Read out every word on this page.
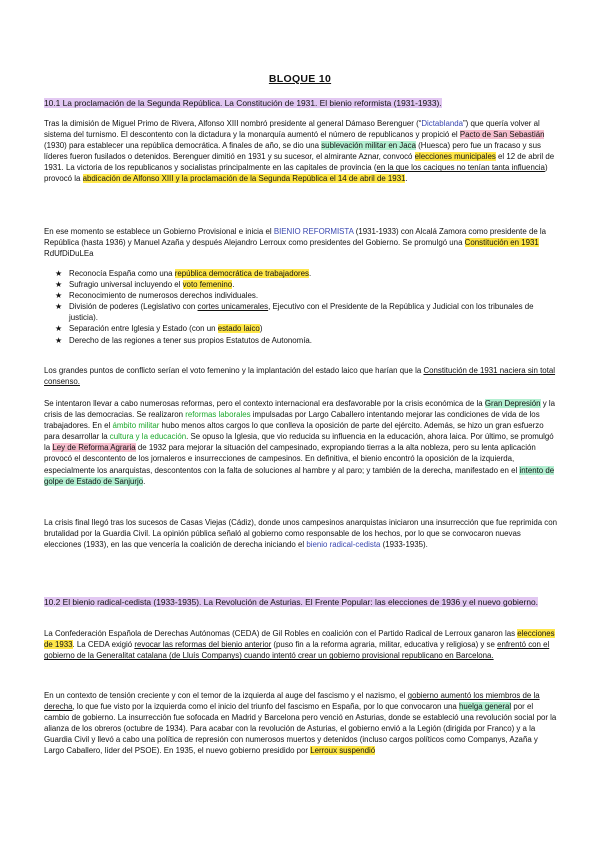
BLOQUE 10
10.1 La proclamación de la Segunda República. La Constitución de 1931. El bienio reformista (1931-1933).
Tras la dimisión de Miguel Primo de Rivera, Alfonso XIII nombró presidente al general Dámaso Berenguer (“Dictablanda”) que quería volver al sistema del turnismo. El descontento con la dictadura y la monarquía aumentó el número de republicanos y propició el Pacto de San Sebastián (1930) para establecer una república democrática. A finales de año, se dio una sublevación militar en Jaca (Huesca) pero fue un fracaso y sus líderes fueron fusilados o detenidos. Berenguer dimitió en 1931 y su sucesor, el almirante Aznar, convocó elecciones municipales el 12 de abril de 1931. La victoria de los republicanos y socialistas principalmente en las capitales de provincia (en la que los caciques no tenían tanta influencia) provocó la abdicación de Alfonso XIII y la proclamación de la Segunda República el 14 de abril de 1931.
En ese momento se establece un Gobierno Provisional e inicia el BIENIO REFORMISTA (1931-1933) con Alcalá Zamora como presidente de la República (hasta 1936) y Manuel Azaña y después Alejandro Lerroux como presidentes del Gobierno. Se promulgó una Constitución en 1931 RdUfDiDuLEa
★ Reconocía España como una república democrática de trabajadores.
★ Sufragio universal incluyendo el voto femenino.
★ Reconocimiento de numerosos derechos individuales.
★ División de poderes (Legislativo con cortes unicamerales, Ejecutivo con el Presidente de la República y Judicial con los tribunales de justicia).
★ Separación entre Iglesia y Estado (con un estado laico)
★ Derecho de las regiones a tener sus propios Estatutos de Autonomía.
Los grandes puntos de conflicto serían el voto femenino y la implantación del estado laico que harían que la Constitución de 1931 naciera sin total consenso.
Se intentaron llevar a cabo numerosas reformas, pero el contexto internacional era desfavorable por la crisis económica de la Gran Depresión y la crisis de las democracias. Se realizaron reformas laborales impulsadas por Largo Caballero intentando mejorar las condiciones de vida de los trabajadores. En el ámbito militar hubo menos altos cargos lo que conlleva la oposición de parte del ejército. Además, se hizo un gran esfuerzo para desarrollar la cultura y la educación. Se opuso la Iglesia, que vio reducida su influencia en la educación, ahora laica. Por último, se promulgó la Ley de Reforma Agraria de 1932 para mejorar la situación del campesinado, expropiando tierras a la alta nobleza, pero su lenta aplicación provocó el descontento de los jornaleros e insurrecciones de campesinos. En definitiva, el bienio encontró la oposición de la izquierda, especialmente los anarquistas, descontentos con la falta de soluciones al hambre y al paro; y también de la derecha, manifestado en el intento de golpe de Estado de Sanjurjo.
La crisis final llegó tras los sucesos de Casas Viejas (Cádiz), donde unos campesinos anarquistas iniciaron una insurrección que fue reprimida con brutalidad por la Guardia Civil. La opinión pública señaló al gobierno como responsable de los hechos, por lo que se convocaron nuevas elecciones (1933), en las que vencería la coalición de derecha iniciando el bienio radical-cedista (1933-1935).
10.2 El bienio radical-cedista (1933-1935). La Revolución de Asturias. El Frente Popular: las elecciones de 1936 y el nuevo gobierno.
La Confederación Española de Derechas Autónomas (CEDA) de Gil Robles en coalición con el Partido Radical de Lerroux ganaron las elecciones de 1933. La CEDA exigió revocar las reformas del bienio anterior (puso fin a la reforma agraria, militar, educativa y religiosa) y se enfrentó con el gobierno de la Generalitat catalana (de Lluís Companys) cuando intentó crear un gobierno provisional republicano en Barcelona.
En un contexto de tensión creciente y con el temor de la izquierda al auge del fascismo y el nazismo, el gobierno aumentó los miembros de la derecha, lo que fue visto por la izquierda como el inicio del triunfo del fascismo en España, por lo que convocaron una huelga general por el cambio de gobierno. La insurrección fue sofocada en Madrid y Barcelona pero venció en Asturias, donde se estableció una revolución social por la alianza de los obreros (octubre de 1934). Para acabar con la revolución de Asturias, el gobierno envió a la Legión (dirigida por Franco) y a la Guardia Civil y llevó a cabo una política de represión con numerosos muertos y detenidos (incluso cargos políticos como Companys, Azaña y Largo Caballero, líder del PSOE). En 1935, el nuevo gobierno presidido por Lerroux suspendió
